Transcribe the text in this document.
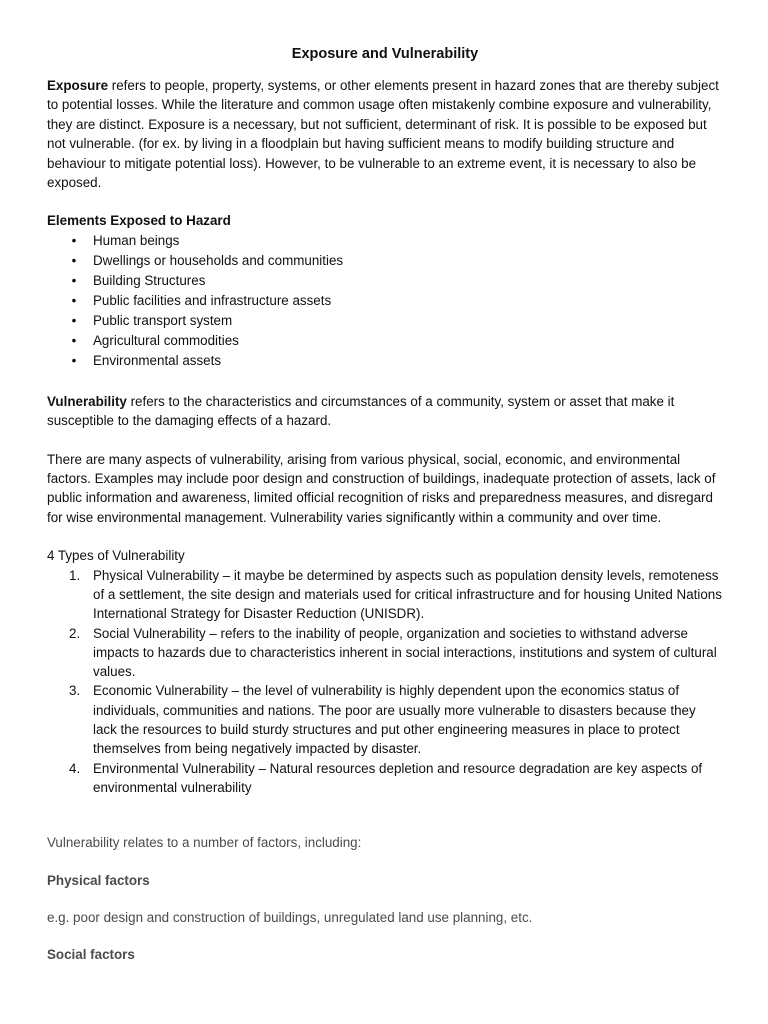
Exposure and Vulnerability

Exposure refers to people, property, systems, or other elements present in hazard zones that are thereby subject to potential losses. While the literature and common usage often mistakenly combine exposure and vulnerability, they are distinct. Exposure is a necessary, but not sufficient, determinant of risk. It is possible to be exposed but not vulnerable. (for ex. by living in a floodplain but having sufficient means to modify building structure and behaviour to mitigate potential loss). However, to be vulnerable to an extreme event, it is necessary to also be exposed.

Elements Exposed to Hazard

• Human beings
• Dwellings or households and communities
• Building Structures
• Public facilities and infrastructure assets
• Public transport system
• Agricultural commodities
• Environmental assets

Vulnerability refers to the characteristics and circumstances of a community, system or asset that make it susceptible to the damaging effects of a hazard.

There are many aspects of vulnerability, arising from various physical, social, economic, and environmental factors. Examples may include poor design and construction of buildings, inadequate protection of assets, lack of public information and awareness, limited official recognition of risks and preparedness measures, and disregard for wise environmental management. Vulnerability varies significantly within a community and over time.

4 Types of Vulnerability

1. Physical Vulnerability – it maybe be determined by aspects such as population density levels, remoteness of a settlement, the site design and materials used for critical infrastructure and for housing United Nations International Strategy for Disaster Reduction (UNISDR).
2. Social Vulnerability – refers to the inability of people, organization and societies to withstand adverse impacts to hazards due to characteristics inherent in social interactions, institutions and system of cultural values.
3. Economic Vulnerability – the level of vulnerability is highly dependent upon the economics status of individuals, communities and nations. The poor are usually more vulnerable to disasters because they lack the resources to build sturdy structures and put other engineering measures in place to protect themselves from being negatively impacted by disaster.
4. Environmental Vulnerability – Natural resources depletion and resource degradation are key aspects of environmental vulnerability

Vulnerability relates to a number of factors, including:

Physical factors

e.g. poor design and construction of buildings, unregulated land use planning, etc.

Social factors
